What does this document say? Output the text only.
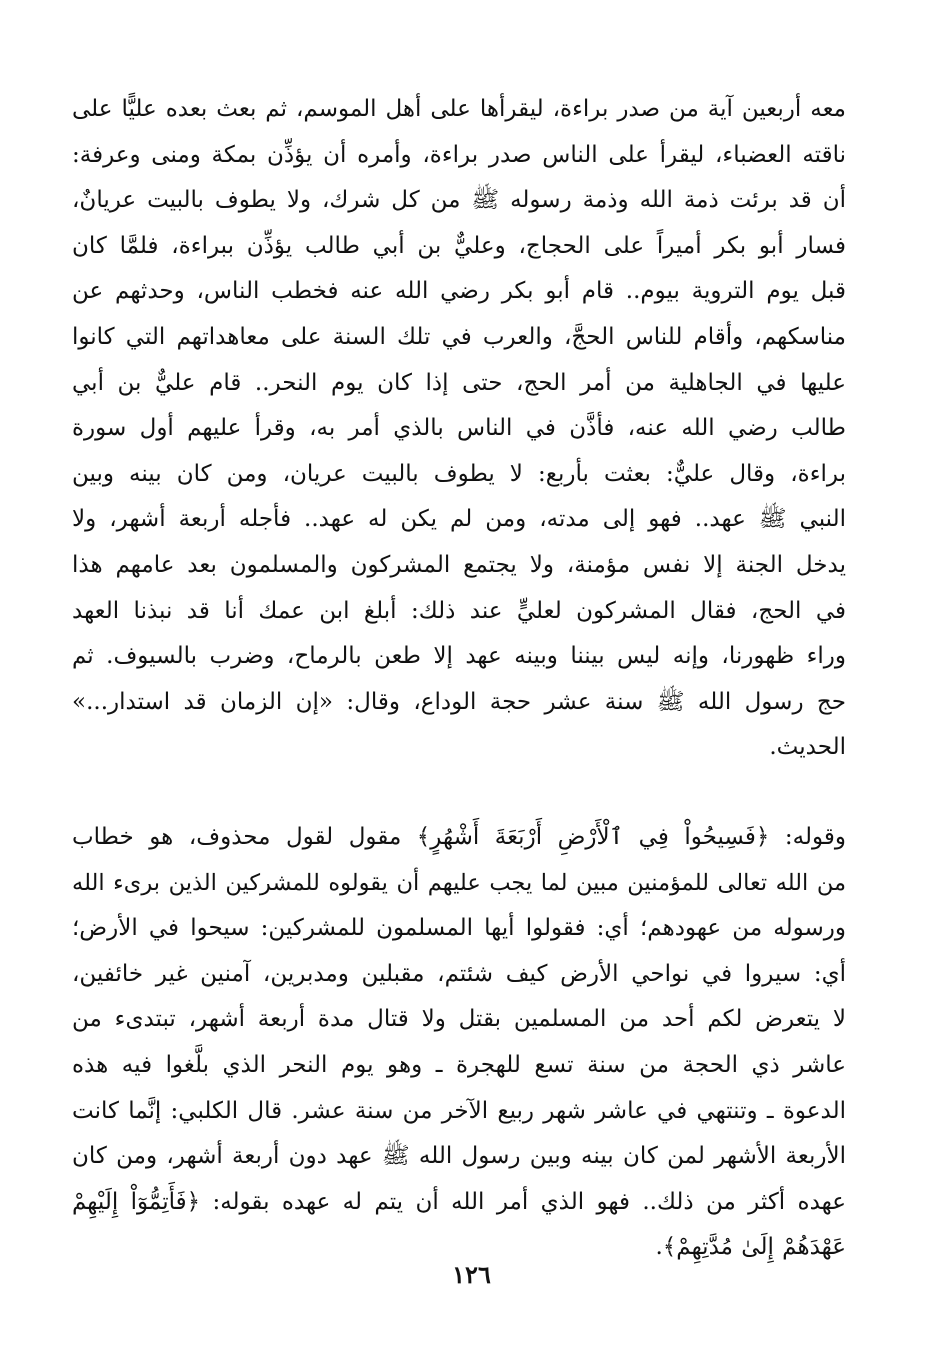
معه أربعين آية من صدر براءة، ليقرأها على أهل الموسم، ثم بعث بعده عليًّا على
ناقته العضباء، ليقرأ على الناس صدر براءة، وأمره أن يؤذِّن بمكة ومنى وعرفة:
أن قد برئت ذمة الله وذمة رسوله ﷺ من كل شرك، ولا يطوف بالبيت عريانٌ،
فسار أبو بكر أميراً على الحجاج، وعليٌّ بن أبي طالب يؤذِّن ببراءة، فلمَّا كان
قبل يوم التروية بيوم.. قام أبو بكر رضي الله عنه فخطب الناس، وحدثهم عن
مناسكهم، وأقام للناس الحجَّ، والعرب في تلك السنة على معاهداتهم التي كانوا
عليها في الجاهلية من أمر الحج، حتى إذا كان يوم النحر.. قام عليٌّ بن أبي
طالب رضي الله عنه، فأذَّن في الناس بالذي أمر به، وقرأ عليهم أول سورة
براءة، وقال عليٌّ: بعثت بأربع: لا يطوف بالبيت عريان، ومن كان بينه وبين
النبي ﷺ عهد.. فهو إلى مدته، ومن لم يكن له عهد.. فأجله أربعة أشهر، ولا
يدخل الجنة إلا نفس مؤمنة، ولا يجتمع المشركون والمسلمون بعد عامهم هذا
في الحج، فقال المشركون لعليٍّ عند ذلك: أبلغ ابن عمك أنا قد نبذنا العهد
وراء ظهورنا، وإنه ليس بيننا وبينه عهد إلا طعن بالرماح، وضرب بالسيوف. ثم
حج رسول الله ﷺ سنة عشر حجة الوداع، وقال: «إن الزمان قد استدار...»
الحديث.
وقوله: ﴿فَسِيحُواْ فِي ٱلْأَرْضِ أَرْبَعَةَ أَشْهُرٍ﴾ مقول لقول محذوف، هو خطاب
من الله تعالى للمؤمنين مبين لما يجب عليهم أن يقولوه للمشركين الذين برىء الله
ورسوله من عهودهم؛ أي: فقولوا أيها المسلمون للمشركين: سيحوا في الأرض؛
أي: سيروا في نواحي الأرض كيف شئتم، مقبلين ومدبرين، آمنين غير خائفين،
لا يتعرض لكم أحد من المسلمين بقتل ولا قتال مدة أربعة أشهر، تبتدىء من
عاشر ذي الحجة من سنة تسع للهجرة ـ وهو يوم النحر الذي بلَّغوا فيه هذه
الدعوة ـ وتنتهي في عاشر شهر ربيع الآخر من سنة عشر. قال الكلبي: إنَّما كانت
الأربعة الأشهر لمن كان بينه وبين رسول الله ﷺ عهد دون أربعة أشهر، ومن كان
عهده أكثر من ذلك.. فهو الذي أمر الله أن يتم له عهده بقوله: ﴿فَأَتِمُّوٓاْ إِلَيْهِمْ
عَهْدَهُمْ إِلَىٰ مُدَّتِهِمْ﴾.
١٢٦
